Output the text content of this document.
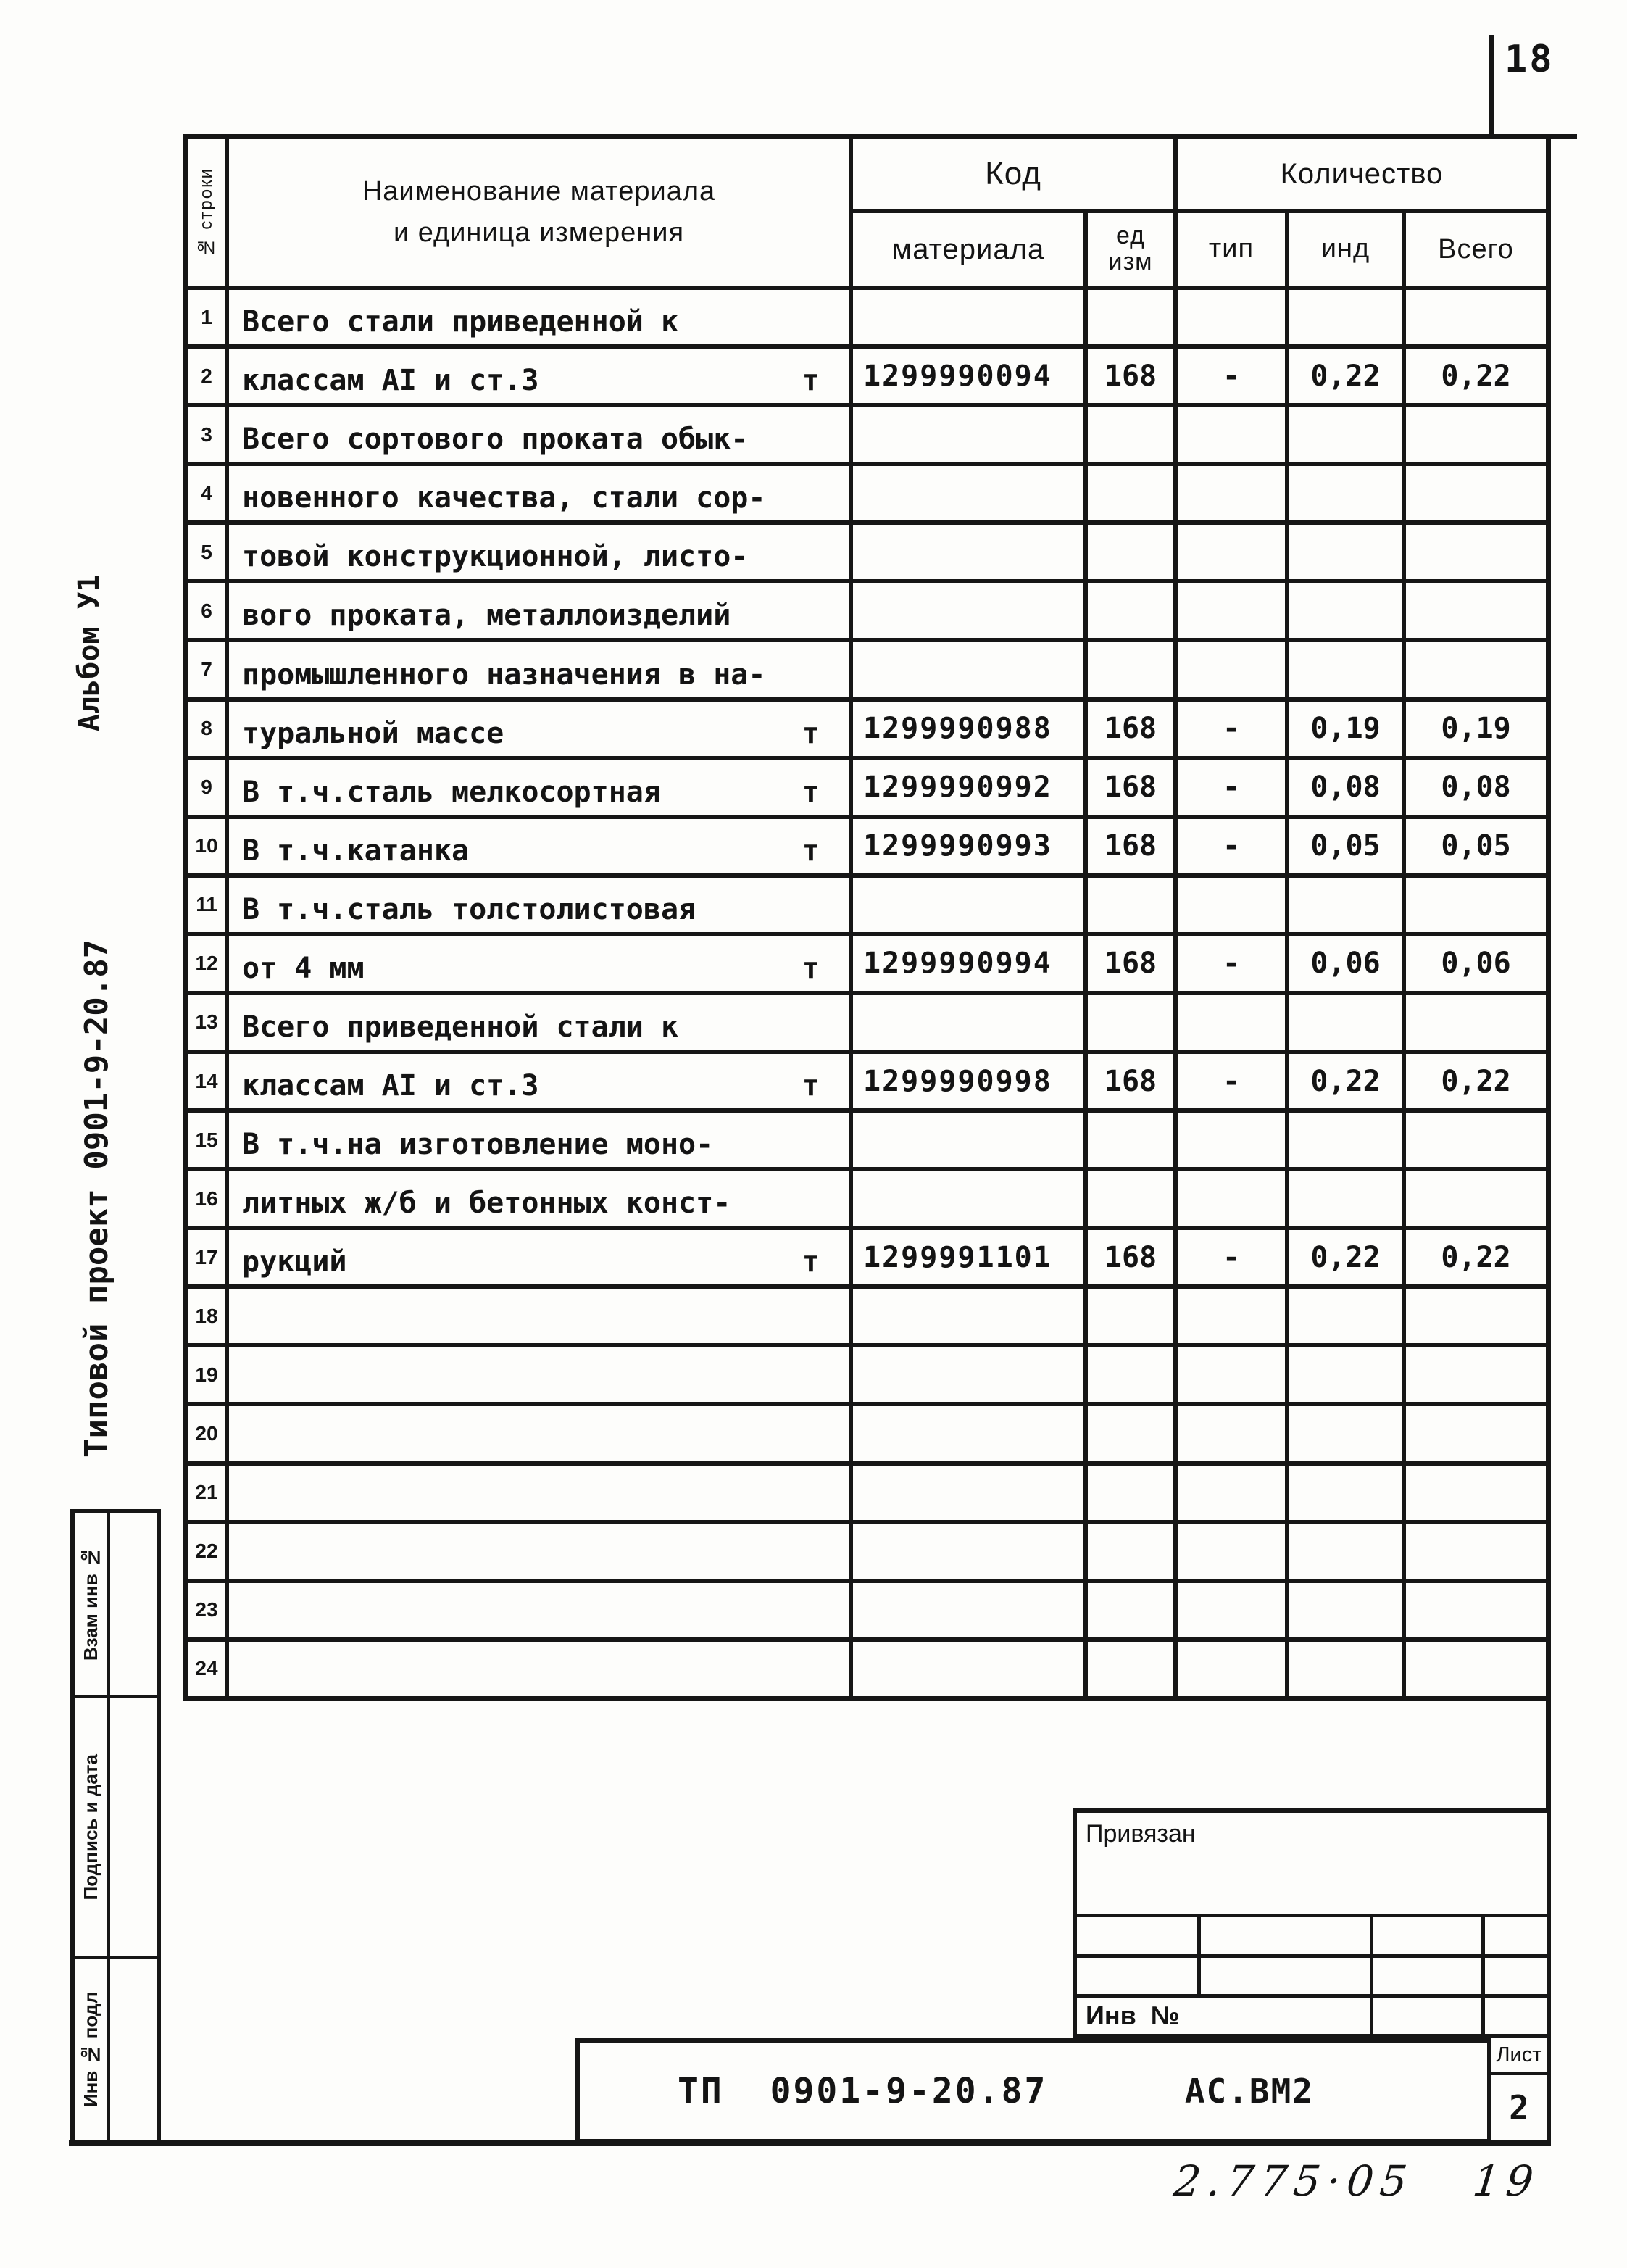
18
Альбом У1
Типовой проект 0901-9-20.87
Взам инв №
Подпись и дата
Инв № подл
№ строки	Наименование материала
и единица измерения
Код	Количество
материала	ед
изм	тип	инд	Всего
1	Всего стали приведенной к
2	классам АI и ст.3	т	1299990094	168	-	0,22	0,22
3	Всего сортового проката обык-
4	новенного качества, стали сор-
5	товой конструкционной, листо-
6	вого проката, металлоизделий
7	промышленного назначения в на-
8	туральной массе	т	1299990988	168	-	0,19	0,19
9	В т.ч.сталь мелкосортная	т	1299990992	168	-	0,08	0,08
10 В т.ч.катанка	т	1299990993	168	-	0,05	0,05
11 В т.ч.сталь толстолистовая
12 от 4 мм	т	1299990994	168	-	0,06	0,06
13 Всего приведенной стали к
14 классам АI и ст.3	т	1299990998	168	-	0,22	0,22
15 В т.ч.на изготовление моно-
16 литных ж/б и бетонных конст-
17 рукций	т	1299991101	168	-	0,22	0,22
18
19
20
21
22
23
24
Привязан
Инв  №
ТП  0901-9-20.87	АС.ВМ2
Лист
2
2.775·05   19
